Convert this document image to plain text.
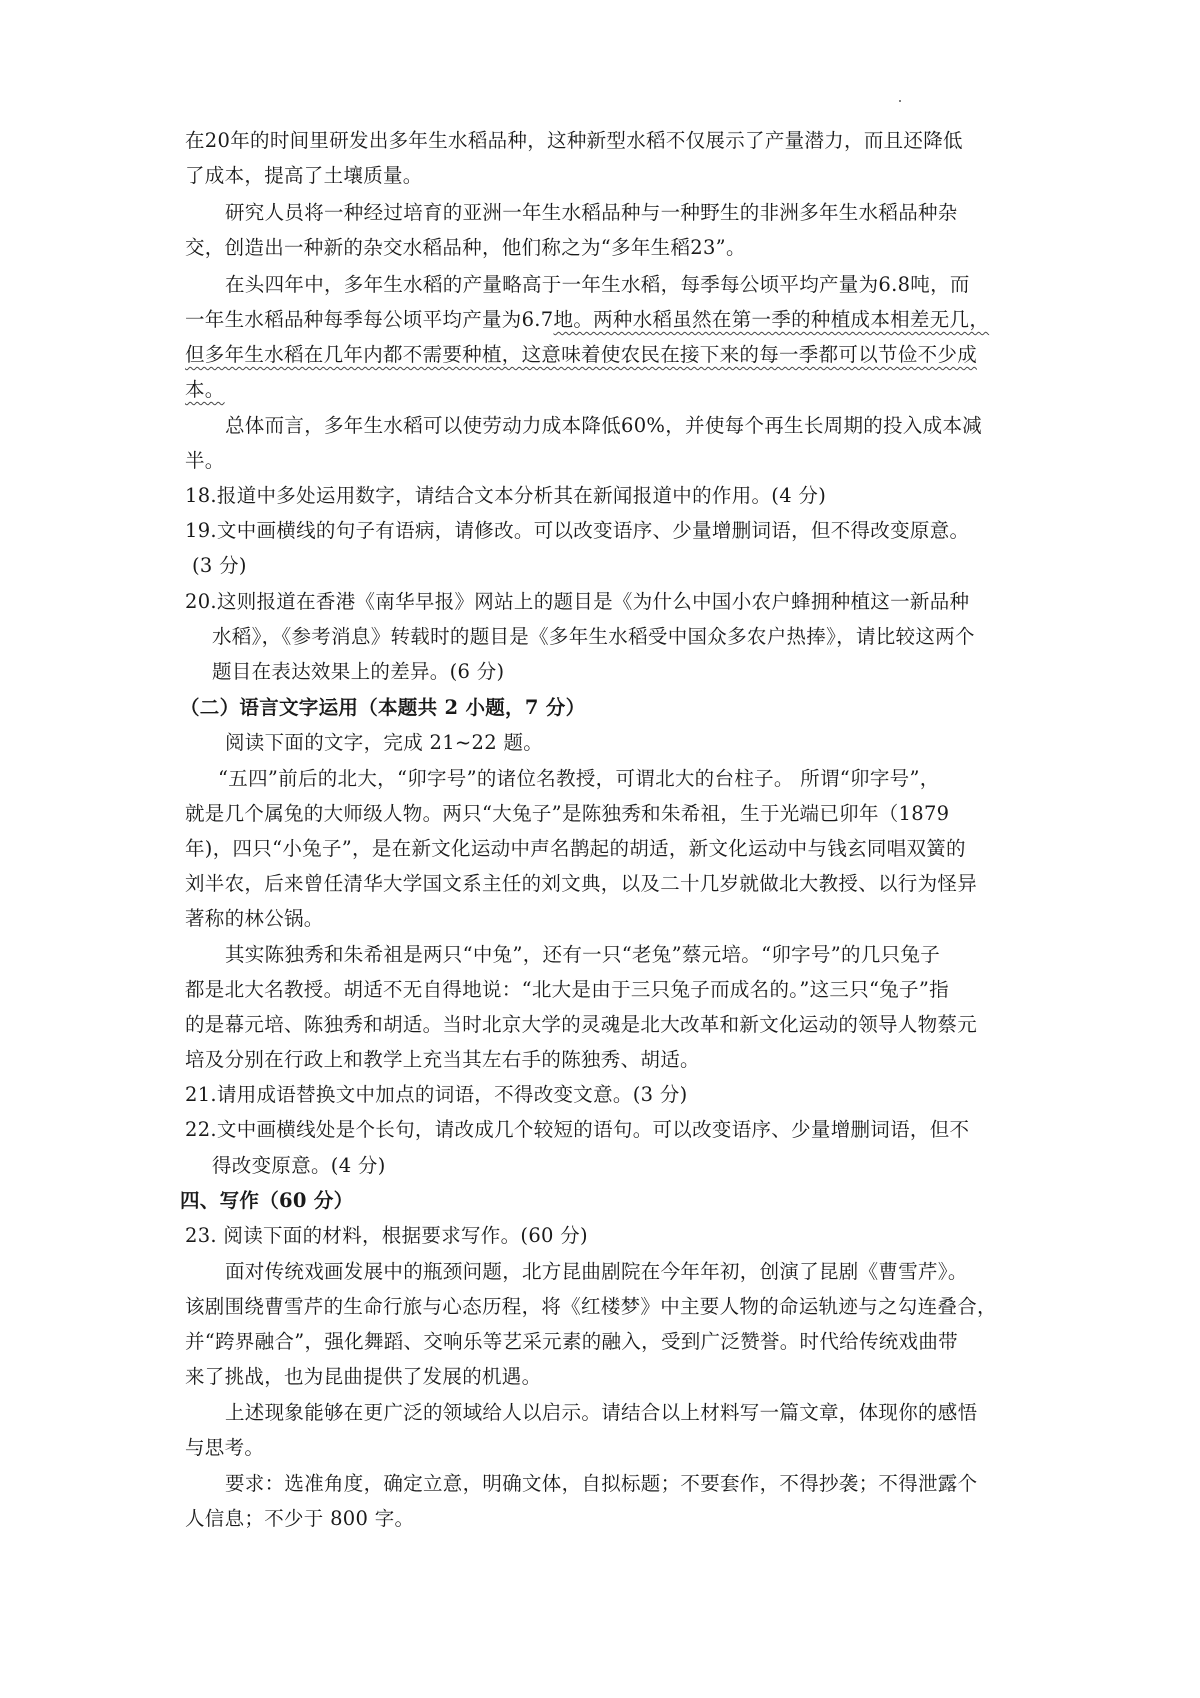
在20年的时间里研发出多年生水稻品种，这种新型水稻不仅展示了产量潜力，而且还降低

了成本，提高了土壤质量。

研究人员将一种经过培育的亚洲一年生水稻品种与一种野生的非洲多年生水稻品种杂

交，创造出一种新的杂交水稻品种，他们称之为“多年生稻23”。

在头四年中，多年生水稻的产量略高于一年生水稻，每季每公顷平均产量为6.8吨，而

一年生水稻品种每季每公顷平均产量为6.7地。两种水稻虽然在第一季的种植成本相差无几，

但多年生水稻在几年内都不需要种植，这意味着使农民在接下来的每一季都可以节俭不少成

本。

总体而言，多年生水稻可以使劳动力成本降低60%，并使每个再生长周期的投入成本减

半。

18.报道中多处运用数字，请结合文本分析其在新闻报道中的作用。(4 分)

19.文中画横线的句子有语病，请修改。可以改变语序、少量增删词语，但不得改变原意。

(3 分)

20.这则报道在香港《南华早报》网站上的题目是《为什么中国小农户蜂拥种植这一新品种

水稻》，《参考消息》转载时的题目是《多年生水稻受中国众多农户热捧》，请比较这两个

题目在表达效果上的差异。(6 分)

（二）语言文字运用（本题共 2 小题，7 分）

阅读下面的文字，完成 21~22 题。

“五四”前后的北大，“卯字号”的诸位名教授，可谓北大的台柱子。 所谓“卯字号”，

就是几个属兔的大师级人物。两只“大兔子”是陈独秀和朱希祖，生于光端已卯年（1879

年)，四只“小兔子”，是在新文化运动中声名鹊起的胡适，新文化运动中与钱玄同唱双簧的

刘半农，后来曾任清华大学国文系主任的刘文典，以及二十几岁就做北大教授、以行为怪异

著称的林公锅。

其实陈独秀和朱希祖是两只“中兔”，还有一只“老兔”蔡元培。“卯字号”的几只兔子

都是北大名教授。胡适不无自得地说：“北大是由于三只兔子而成名的。”这三只“兔子”指

的是幕元培、陈独秀和胡适。当时北京大学的灵魂是北大改革和新文化运动的领导人物蔡元

培及分别在行政上和教学上充当其左右手的陈独秀、胡适。

21.请用成语替换文中加点的词语，不得改变文意。(3 分)

22.文中画横线处是个长句，请改成几个较短的语句。可以改变语序、少量增删词语，但不

得改变原意。(4 分)

四、写作（60 分）

23. 阅读下面的材料，根据要求写作。(60 分)

面对传统戏画发展中的瓶颈问题，北方昆曲剧院在今年年初，创演了昆剧《曹雪芹》。

该剧围绕曹雪芹的生命行旅与心态历程，将《红楼梦》中主要人物的命运轨迹与之勾连叠合，

并“跨界融合”，强化舞蹈、交响乐等艺采元素的融入，受到广泛赞誉。时代给传统戏曲带

来了挑战，也为昆曲提供了发展的机遇。

上述现象能够在更广泛的领域给人以启示。请结合以上材料写一篇文章，体现你的感悟

与思考。

要求：选准角度，确定立意，明确文体，自拟标题；不要套作，不得抄袭；不得泄露个

人信息；不少于 800 字。
